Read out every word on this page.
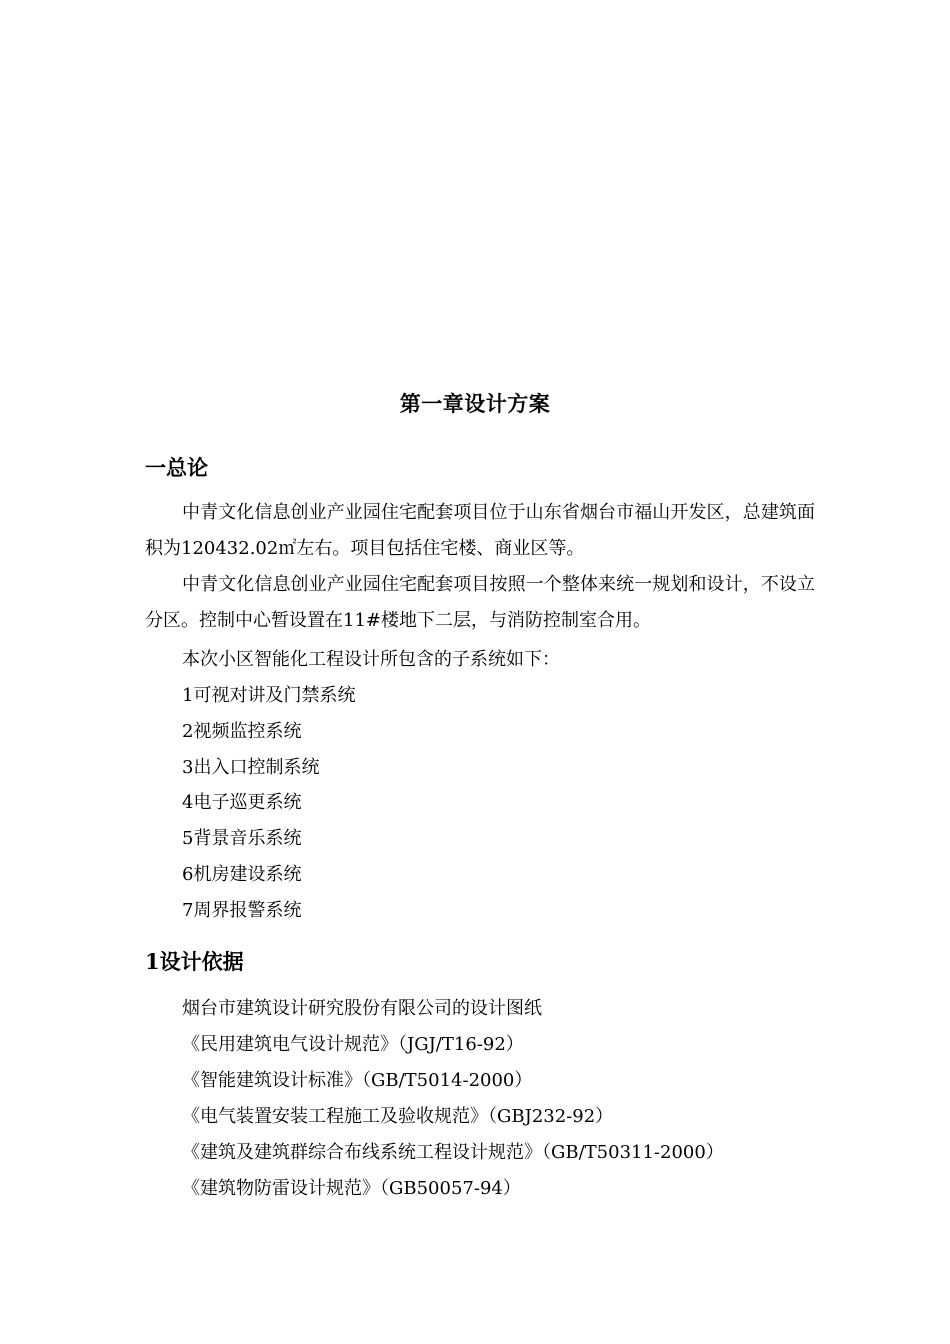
第一章设计方案
一总论

中青文化信息创业产业园住宅配套项目位于山东省烟台市福山开发区，总建筑面积为120432.02㎡左右。项目包括住宅楼、商业区等。

中青文化信息创业产业园住宅配套项目按照一个整体来统一规划和设计，不设立分区。控制中心暂设置在11#楼地下二层，与消防控制室合用。

本次小区智能化工程设计所包含的子系统如下：
1可视对讲及门禁系统
2视频监控系统
3出入口控制系统
4电子巡更系统
5背景音乐系统
6机房建设系统
7周界报警系统
1设计依据
烟台市建筑设计研究股份有限公司的设计图纸
《民用建筑电气设计规范》（JGJ/T16-92）
《智能建筑设计标准》（GB/T5014-2000）
《电气装置安装工程施工及验收规范》（GBJ232-92）
《建筑及建筑群综合布线系统工程设计规范》（GB/T50311-2000）
《建筑物防雷设计规范》（GB50057-94）
